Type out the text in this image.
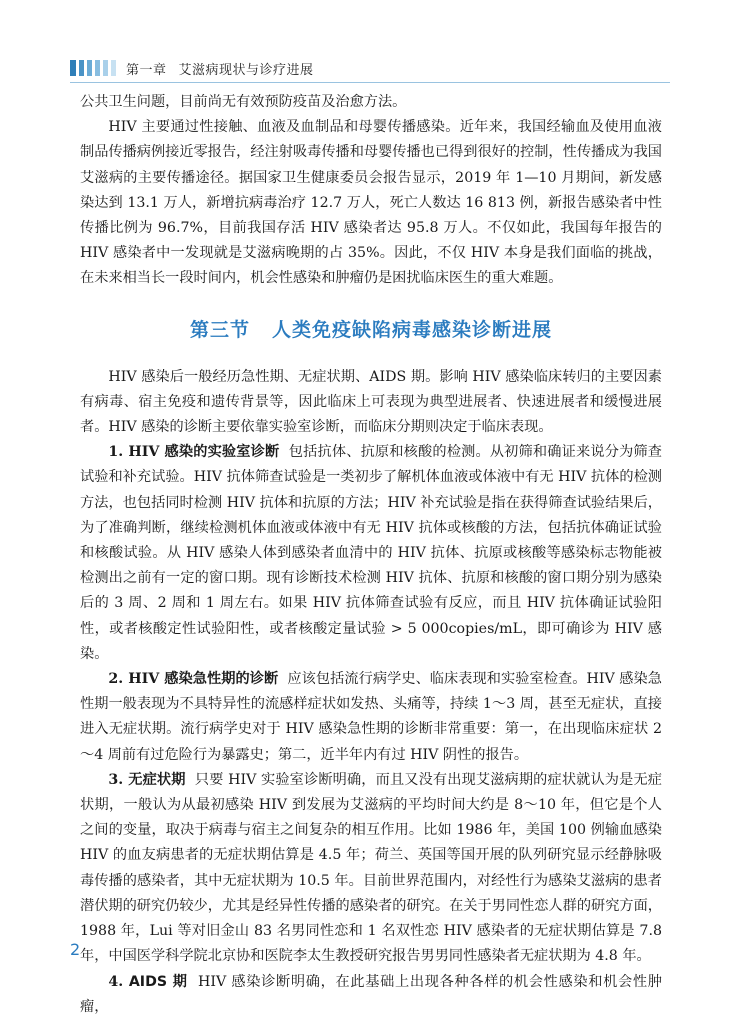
第一章 艾滋病现状与诊疗进展

公共卫生问题，目前尚无有效预防疫苗及治愈方法。

HIV 主要通过性接触、血液及血制品和母婴传播感染。近年来，我国经输血及使用血液制品传播病例接近零报告，经注射吸毒传播和母婴传播也已得到很好的控制，性传播成为我国艾滋病的主要传播途径。据国家卫生健康委员会报告显示，2019 年 1—10 月期间，新发感染达到 13.1 万人，新增抗病毒治疗 12.7 万人，死亡人数达 16 813 例，新报告感染者中性传播比例为 96.7%，目前我国存活 HIV 感染者达 95.8 万人。不仅如此，我国每年报告的 HIV 感染者中一发现就是艾滋病晚期的占 35%。因此，不仅 HIV 本身是我们面临的挑战，在未来相当长一段时间内，机会性感染和肿瘤仍是困扰临床医生的重大难题。

第三节 人类免疫缺陷病毒感染诊断进展

HIV 感染后一般经历急性期、无症状期、AIDS 期。影响 HIV 感染临床转归的主要因素有病毒、宿主免疫和遗传背景等，因此临床上可表现为典型进展者、快速进展者和缓慢进展者。HIV 感染的诊断主要依靠实验室诊断，而临床分期则决定于临床表现。

1. HIV 感染的实验室诊断 包括抗体、抗原和核酸的检测。从初筛和确证来说分为筛查试验和补充试验。HIV 抗体筛查试验是一类初步了解机体血液或体液中有无 HIV 抗体的检测方法，也包括同时检测 HIV 抗体和抗原的方法；HIV 补充试验是指在获得筛查试验结果后，为了准确判断，继续检测机体血液或体液中有无 HIV 抗体或核酸的方法，包括抗体确证试验和核酸试验。从 HIV 感染人体到感染者血清中的 HIV 抗体、抗原或核酸等感染标志物能被检测出之前有一定的窗口期。现有诊断技术检测 HIV 抗体、抗原和核酸的窗口期分别为感染后的 3 周、2 周和 1 周左右。如果 HIV 抗体筛查试验有反应，而且 HIV 抗体确证试验阳性，或者核酸定性试验阳性，或者核酸定量试验 > 5 000copies/mL，即可确诊为 HIV 感染。

2. HIV 感染急性期的诊断 应该包括流行病学史、临床表现和实验室检查。HIV 感染急性期一般表现为不具特异性的流感样症状如发热、头痛等，持续 1～3 周，甚至无症状，直接进入无症状期。流行病学史对于 HIV 感染急性期的诊断非常重要：第一，在出现临床症状 2～4 周前有过危险行为暴露史；第二，近半年内有过 HIV 阴性的报告。

3. 无症状期 只要 HIV 实验室诊断明确，而且又没有出现艾滋病期的症状就认为是无症状期，一般认为从最初感染 HIV 到发展为艾滋病的平均时间大约是 8～10 年，但它是个人之间的变量，取决于病毒与宿主之间复杂的相互作用。比如 1986 年，美国 100 例输血感染 HIV 的血友病患者的无症状期估算是 4.5 年；荷兰、英国等国开展的队列研究显示经静脉吸毒传播的感染者，其中无症状期为 10.5 年。目前世界范围内，对经性行为感染艾滋病的患者潜伏期的研究仍较少，尤其是经异性传播的感染者的研究。在关于男同性恋人群的研究方面，1988 年，Lui 等对旧金山 83 名男同性恋和 1 名双性恋 HIV 感染者的无症状期估算是 7.8 年，中国医学科学院北京协和医院李太生教授研究报告男男同性感染者无症状期为 4.8 年。

4. AIDS 期 HIV 感染诊断明确，在此基础上出现各种各样的机会性感染和机会性肿瘤，

2
